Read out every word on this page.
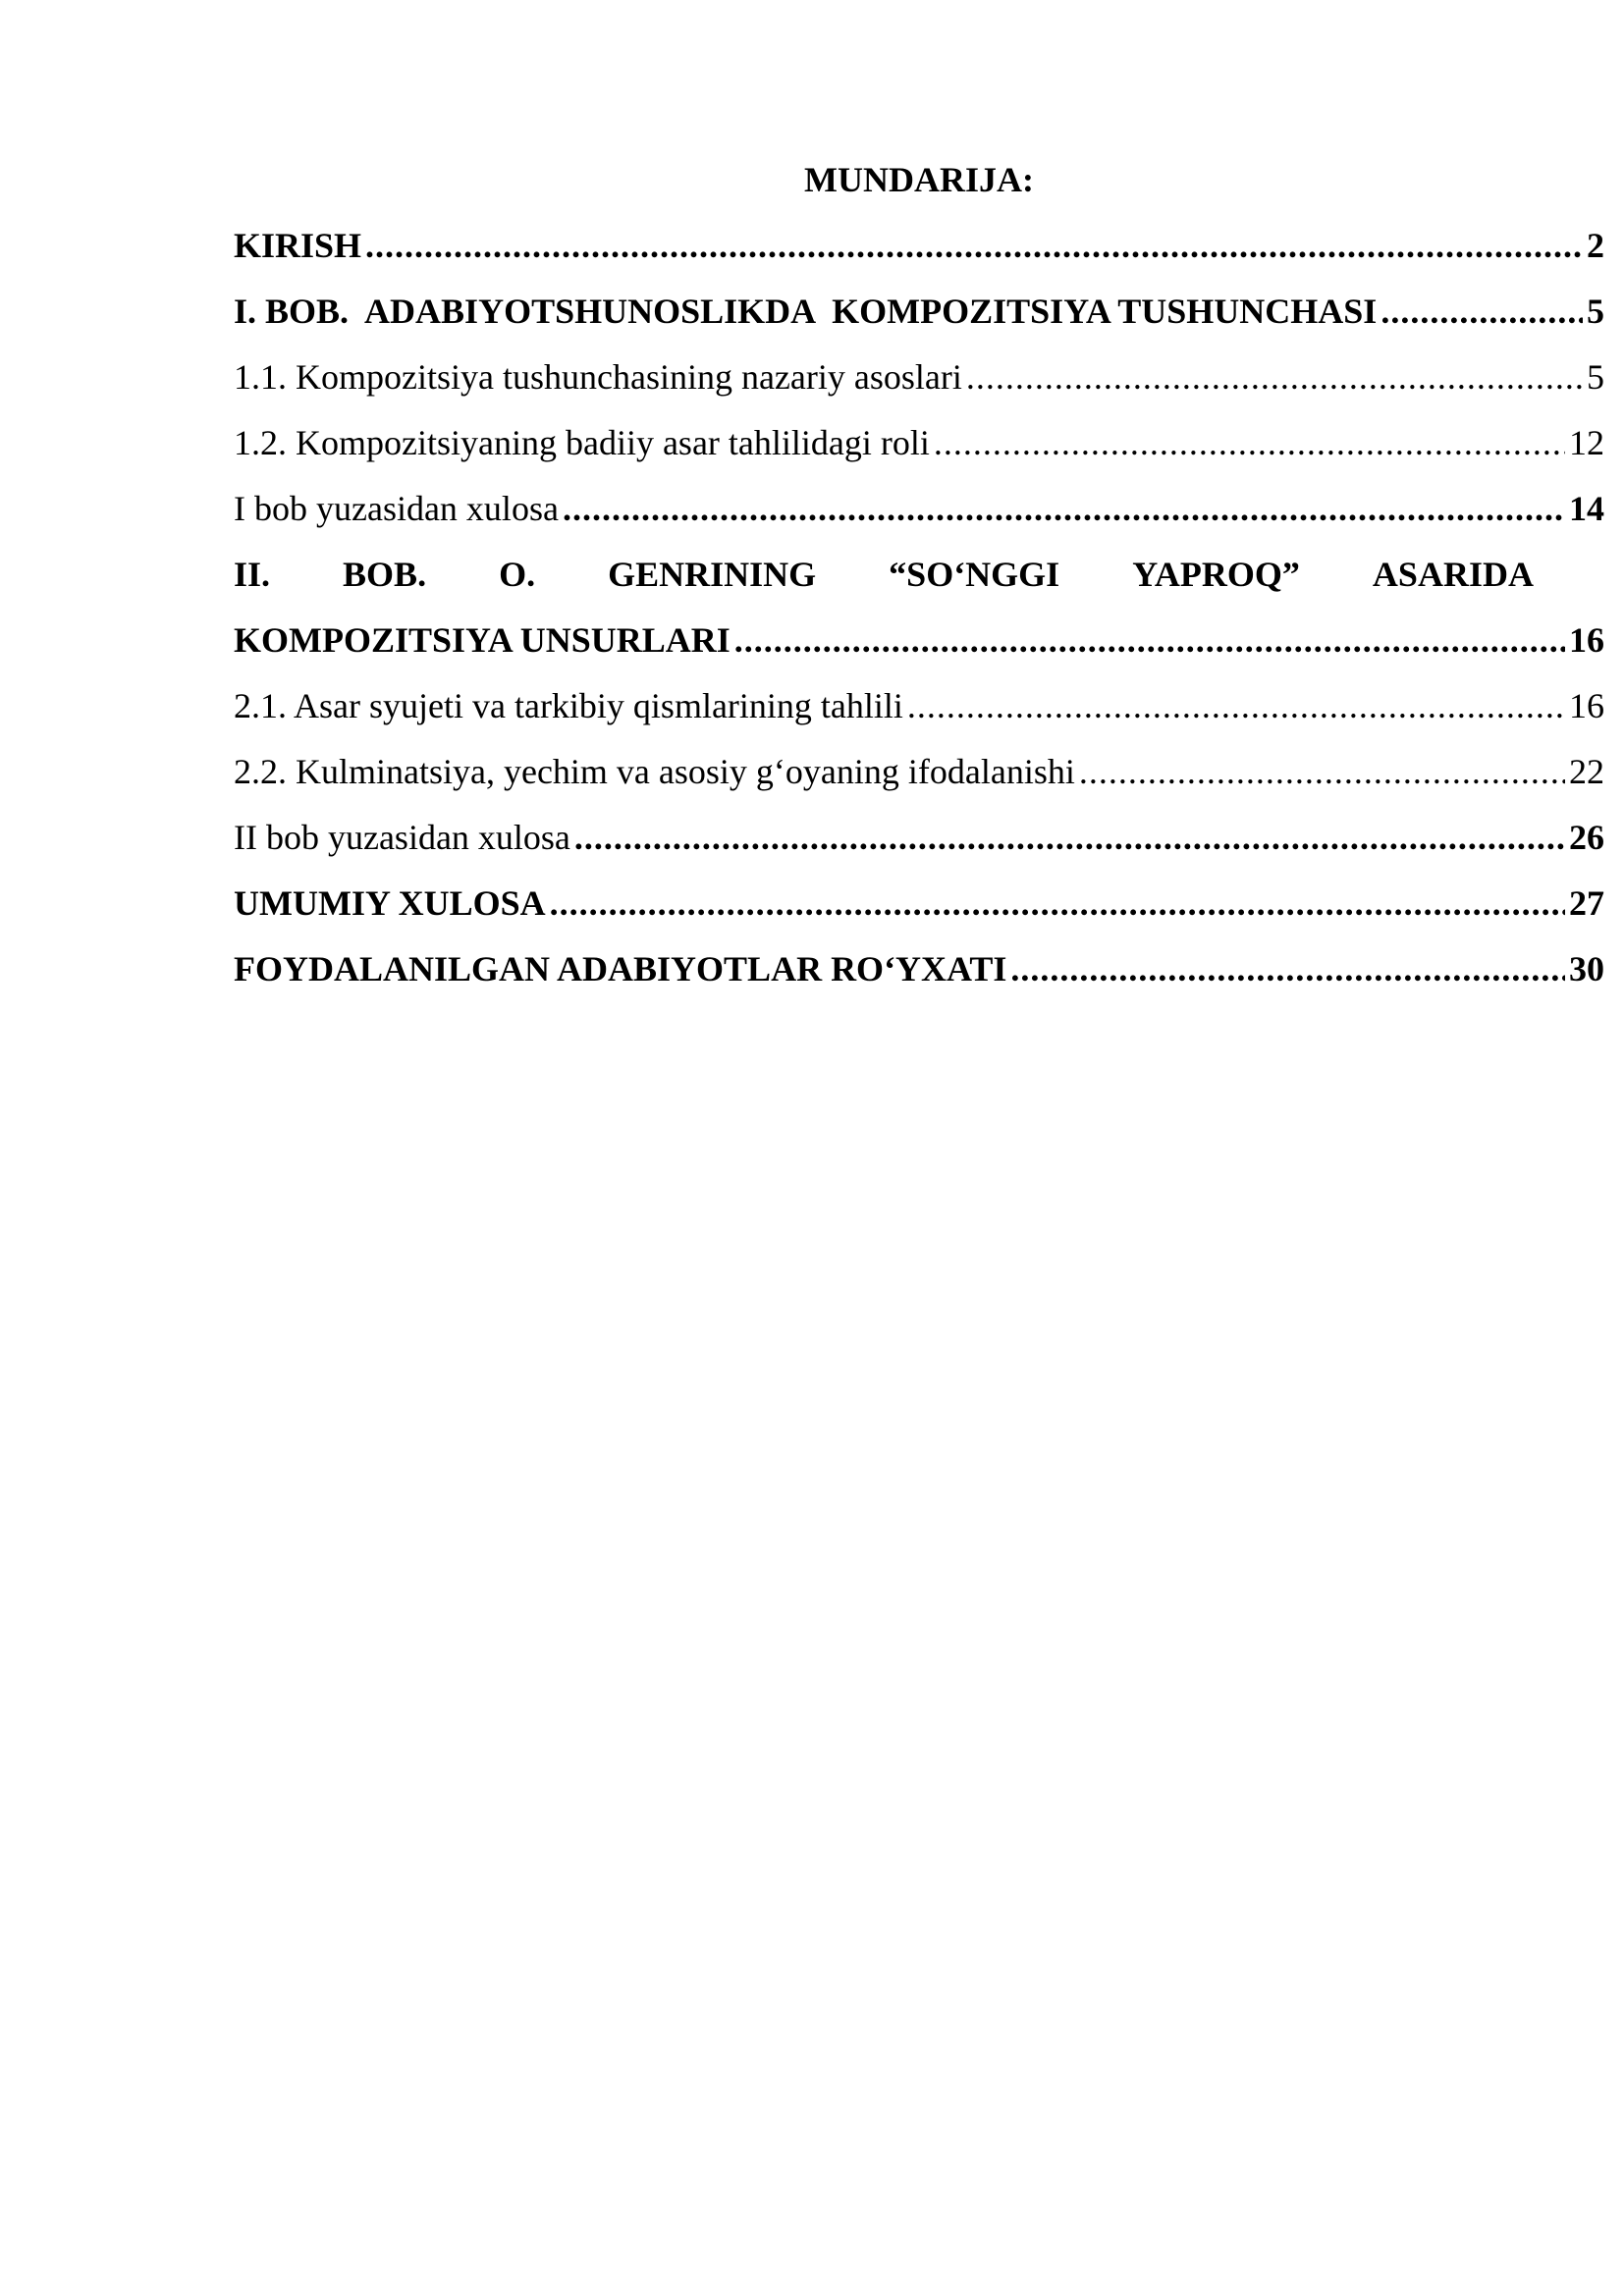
MUNDARIJA:
KIRISH .....	2
I. BOB.  ADABIYOTSHUNOSLIKDA  KOMPOZITSIYA TUSHUNCHASI .....	5
1.1. Kompozitsiya tushunchasining nazariy asoslari .....	5
1.2. Kompozitsiyaning badiiy asar tahlilidagi roli .....	12
I bob yuzasidan xulosa .....	14
II. BOB. O. GENRINING “SO‘NGGI YAPROQ” ASARIDA
KOMPOZITSIYA UNSURLARI .....	16
2.1. Asar syujeti va tarkibiy qismlarining tahlili .....	16
2.2. Kulminatsiya, yechim va asosiy g‘oyaning ifodalanishi .....	22
II bob yuzasidan xulosa .....	26
UMUMIY XULOSA .....	27
FOYDALANILGAN ADABIYOTLAR RO‘YXATI .....	30
